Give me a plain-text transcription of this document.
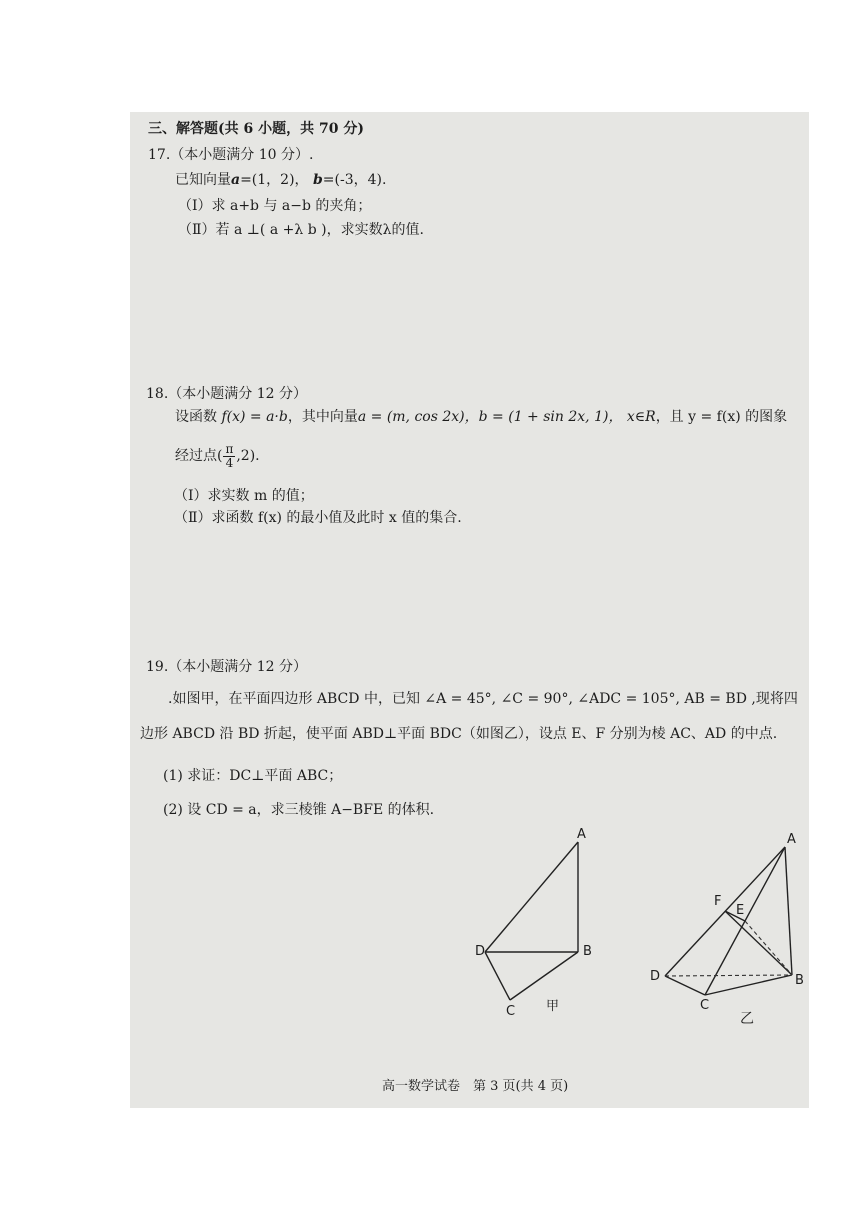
三、解答题(共 6 小题，共 70 分)
17.（本小题满分 10 分）.
已知向量a=(1，2)， b=(-3，4).
（Ⅰ）求 a+b 与 a−b 的夹角；
（Ⅱ）若 a ⊥( a +λ b )，求实数λ的值.
18.（本小题满分 12 分）
设函数 f(x) = a·b，其中向量a = (m, cos 2x)，b = (1 + sin 2x, 1)， x∈R，且 y = f(x) 的图象
经过点( $\frac{\pi}{4} ,2$).
（Ⅰ）求实数 m 的值；
（Ⅱ）求函数 f(x) 的最小值及此时 x 值的集合.
19.（本小题满分 12 分）
.如图甲，在平面四边形 ABCD 中，已知 ∠A = 45°, ∠C = 90°, ∠ADC = 105°, AB = BD ,现将四
边形 ABCD 沿 BD 折起，使平面 ABD⊥平面 BDC（如图乙），设点 E、F 分别为棱 AC、AD 的中点.
(1) 求证：DC⊥平面 ABC；
(2) 设 CD = a，求三棱锥 A−BFE 的体积.
A
B
D
C 甲
A
B
D
C
E
F
乙
高一数学试卷　第 3 页(共 4 页)
